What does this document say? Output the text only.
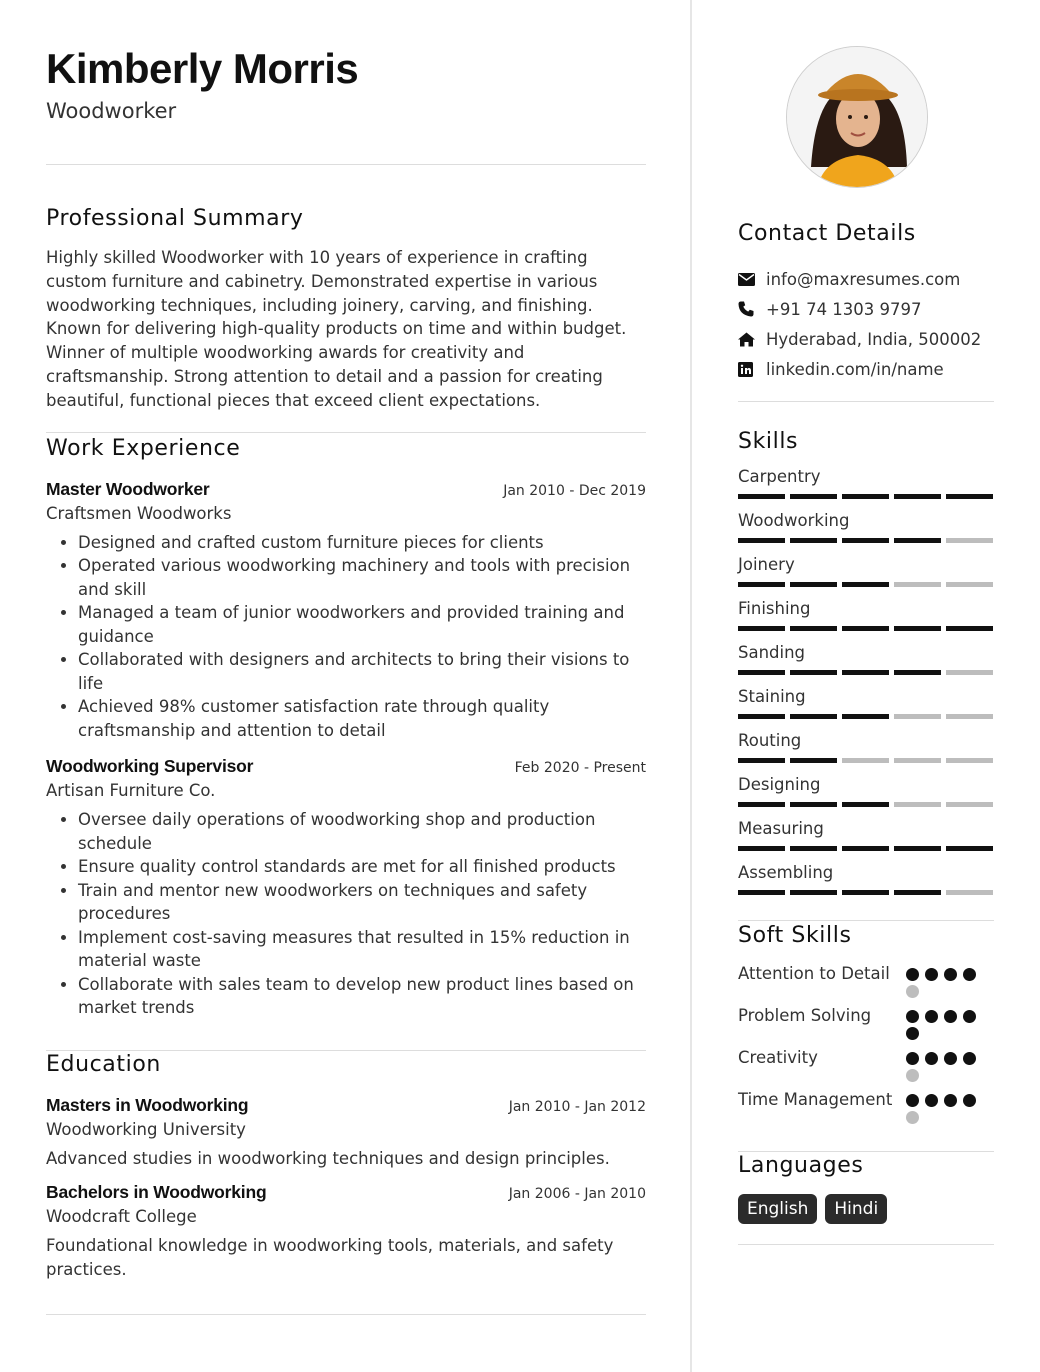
Kimberly Morris
Woodworker
Professional Summary
Highly skilled Woodworker with 10 years of experience in crafting custom furniture and cabinetry. Demonstrated expertise in various woodworking techniques, including joinery, carving, and finishing. Known for delivering high-quality products on time and within budget. Winner of multiple woodworking awards for creativity and craftsmanship. Strong attention to detail and a passion for creating beautiful, functional pieces that exceed client expectations.
Work Experience
Master Woodworker	Jan 2010 - Dec 2019
Craftsmen Woodworks
• Designed and crafted custom furniture pieces for clients
• Operated various woodworking machinery and tools with precision and skill
• Managed a team of junior woodworkers and provided training and guidance
• Collaborated with designers and architects to bring their visions to life
• Achieved 98% customer satisfaction rate through quality craftsmanship and attention to detail
Woodworking Supervisor	Feb 2020 - Present
Artisan Furniture Co.
• Oversee daily operations of woodworking shop and production schedule
• Ensure quality control standards are met for all finished products
• Train and mentor new woodworkers on techniques and safety procedures
• Implement cost-saving measures that resulted in 15% reduction in material waste
• Collaborate with sales team to develop new product lines based on market trends
Education
Masters in Woodworking	Jan 2010 - Jan 2012
Woodworking University
Advanced studies in woodworking techniques and design principles.
Bachelors in Woodworking	Jan 2006 - Jan 2010
Woodcraft College
Foundational knowledge in woodworking tools, materials, and safety practices.
Contact Details
info@maxresumes.com
+91 74 1303 9797
Hyderabad, India, 500002
linkedin.com/in/name
Skills
Carpentry
Woodworking
Joinery
Finishing
Sanding
Staining
Routing
Designing
Measuring
Assembling
Soft Skills
Attention to Detail
Problem Solving
Creativity
Time Management
Languages
English	Hindi
